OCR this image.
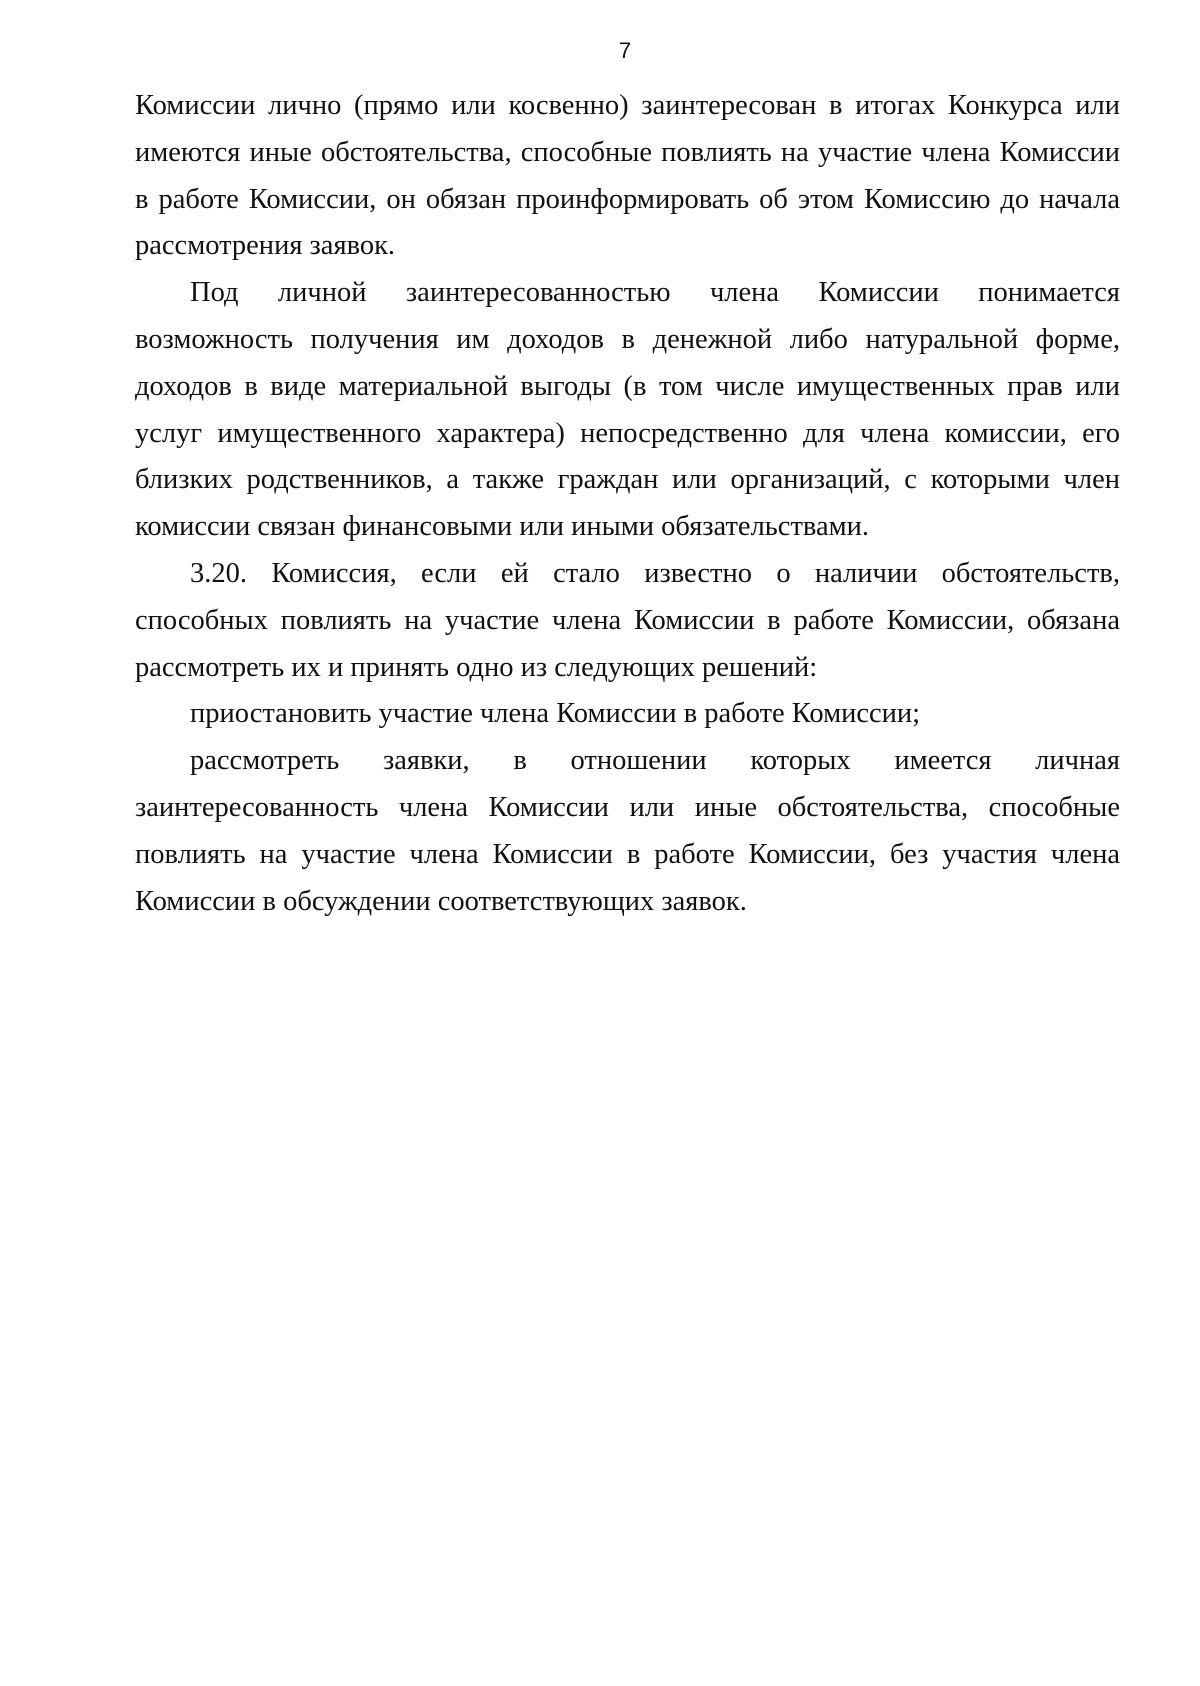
7

Комиссии лично (прямо или косвенно) заинтересован в итогах Конкурса или имеются иные обстоятельства, способные повлиять на участие члена Комиссии в работе Комиссии, он обязан проинформировать об этом Комиссию до начала рассмотрения заявок.

Под личной заинтересованностью члена Комиссии понимается возможность получения им доходов в денежной либо натуральной форме, доходов в виде материальной выгоды (в том числе имущественных прав или услуг имущественного характера) непосредственно для члена комиссии, его близких родственников, а также граждан или организаций, с которыми член комиссии связан финансовыми или иными обязательствами.

3.20. Комиссия, если ей стало известно о наличии обстоятельств, способных повлиять на участие члена Комиссии в работе Комиссии, обязана рассмотреть их и принять одно из следующих решений:

приостановить участие члена Комиссии в работе Комиссии;

рассмотреть заявки, в отношении которых имеется личная заинтересованность члена Комиссии или иные обстоятельства, способные повлиять на участие члена Комиссии в работе Комиссии, без участия члена Комиссии в обсуждении соответствующих заявок.
